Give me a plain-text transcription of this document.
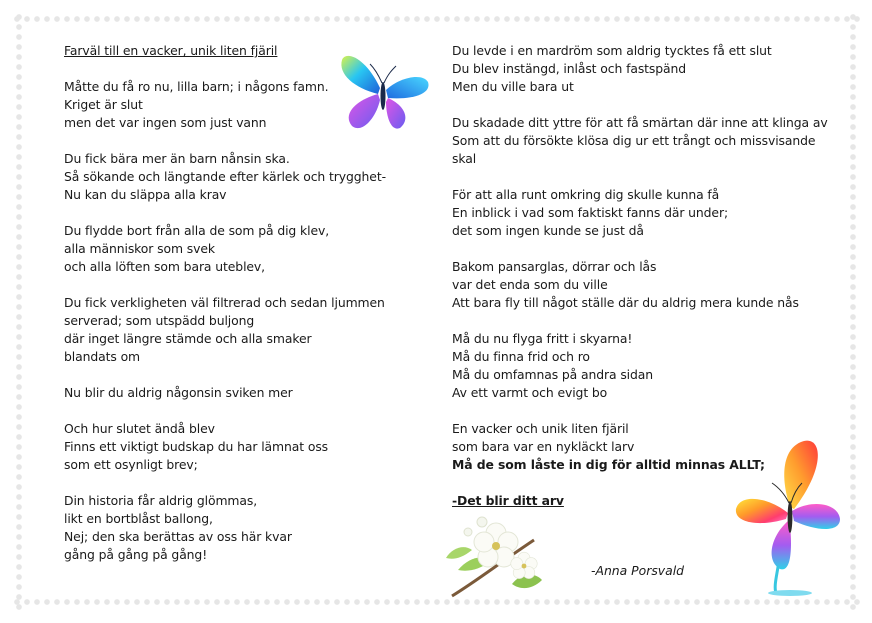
Farväl till en vacker, unik liten fjäril
Måtte du få ro nu, lilla barn; i någons famn.
Kriget är slut
men det var ingen som just vann
Du fick bära mer än barn nånsin ska.
Så sökande och längtande efter kärlek och trygghet-
Nu kan du släppa alla krav
Du flydde bort från alla de som på dig klev,
alla människor som svek
och alla löften som bara uteblev,
Du fick verkligheten väl filtrerad och sedan ljummen
serverad; som utspädd buljong
där inget längre stämde och alla smaker
blandats om
Nu blir du aldrig någonsin sviken mer
Och hur slutet ändå blev
Finns ett viktigt budskap du har lämnat oss
som ett osynligt brev;
Din historia får aldrig glömmas,
likt en bortblåst ballong,
Nej; den ska berättas av oss här kvar
gång på gång på gång!
Du levde i en mardröm som aldrig tycktes få ett slut
Du blev instängd, inlåst och fastspänd
Men du ville bara ut
Du skadade ditt yttre för att få smärtan där inne att klinga av
Som att du försökte klösa dig ur ett trångt och missvisande
skal
För att alla runt omkring dig skulle kunna få
En inblick i vad som faktiskt fanns där under;
det som ingen kunde se just då
Bakom pansarglas, dörrar och lås
var det enda som du ville
Att bara fly till något ställe där du aldrig mera kunde nås
Må du nu flyga fritt i skyarna!
Må du finna frid och ro
Må du omfamnas på andra sidan
Av ett varmt och evigt bo
En vacker och unik liten fjäril
som bara var en nykläckt larv
Må de som låste in dig för alltid minnas ALLT;
-Det blir ditt arv
-Anna Porsvald
